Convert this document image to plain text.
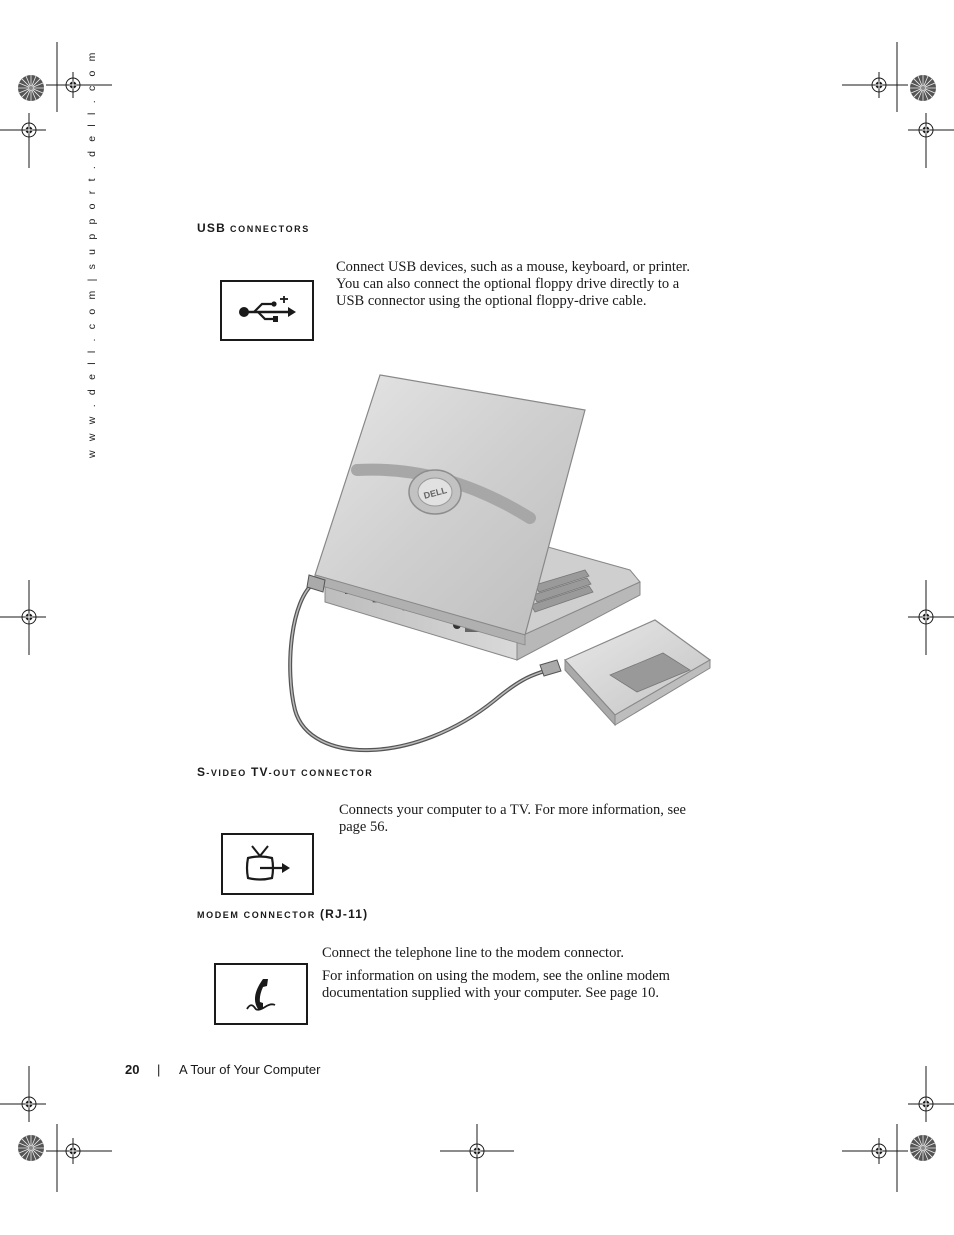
w w w . d e l l . c o m | s u p p o r t . d e l l . c o m	USB CONNECTORS

Connect USB devices, such as a mouse, keyboard, or printer.

You can also connect the optional floppy drive directly to a

USB connector using the optional floppy-drive cable.

DELL
S-VIDEO TV-OUT CONNECTOR

Connects your computer to a TV. For more information, see

page 56.

MODEM CONNECTOR (RJ-11)

Connect the telephone line to the modem connector.

For information on using the modem, see the online modem

documentation supplied with your computer. See page 10.

20 | A Tour of Your Computer
